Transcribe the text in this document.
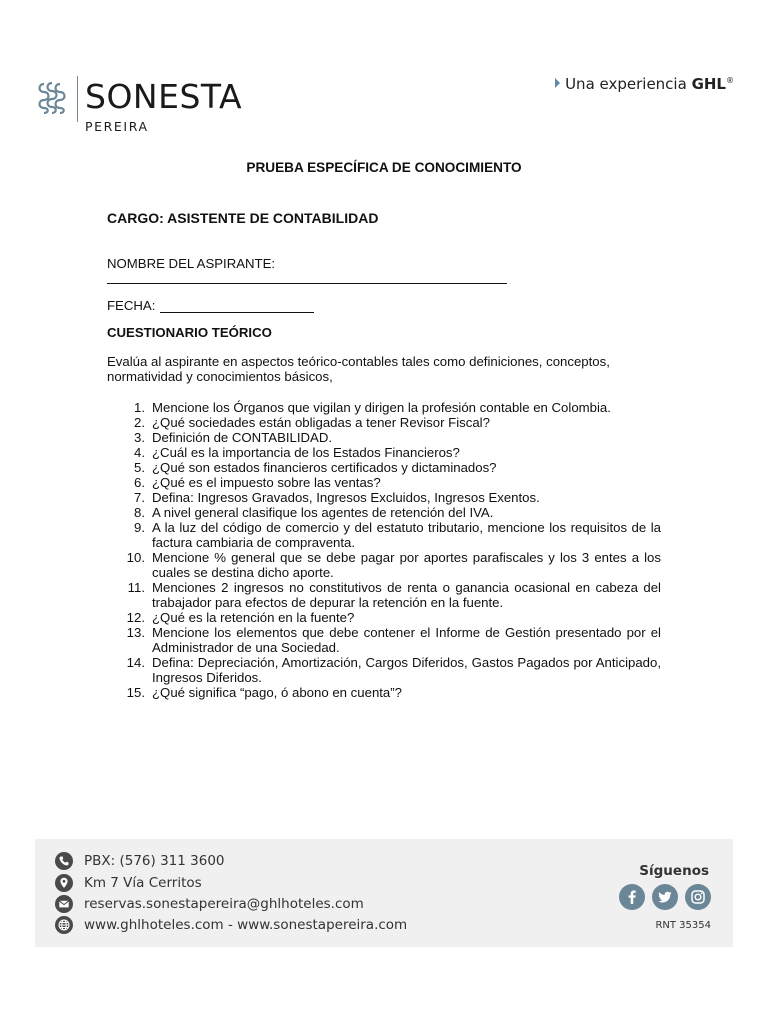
SONESTA
PEREIRA
Una experiencia GHL®

PRUEBA ESPECÍFICA DE CONOCIMIENTO

CARGO: ASISTENTE DE CONTABILIDAD
NOMBRE DEL ASPIRANTE:
FECHA:
CUESTIONARIO TEÓRICO
Evalúa al aspirante en aspectos teórico-contables tales como definiciones, conceptos,
normatividad y conocimientos básicos,
1. Mencione los Órganos que vigilan y dirigen la profesión contable en Colombia.
2. ¿Qué sociedades están obligadas a tener Revisor Fiscal?
3. Definición de CONTABILIDAD.
4. ¿Cuál es la importancia de los Estados Financieros?
5. ¿Qué son estados financieros certificados y dictaminados?
6. ¿Qué es el impuesto sobre las ventas?
7. Defina: Ingresos Gravados, Ingresos Excluidos, Ingresos Exentos.
8. A nivel general clasifique los agentes de retención del IVA.
9. A la luz del código de comercio y del estatuto tributario, mencione los requisitos de la factura cambiaria de compraventa.
10. Mencione % general que se debe pagar por aportes parafiscales y los 3 entes a los cuales se destina dicho aporte.
11. Menciones 2 ingresos no constitutivos de renta o ganancia ocasional en cabeza del trabajador para efectos de depurar la retención en la fuente.
12. ¿Qué es la retención en la fuente?
13. Mencione los elementos que debe contener el Informe de Gestión presentado por el Administrador de una Sociedad.
14. Defina: Depreciación, Amortización, Cargos Diferidos, Gastos Pagados por Anticipado, Ingresos Diferidos.
15. ¿Qué significa “pago, ó abono en cuenta”?
PBX: (576) 311 3600
Km 7 Vía Cerritos
reservas.sonestapereira@ghlhoteles.com
www.ghlhoteles.com - www.sonestapereira.com
Síguenos
RNT 35354
